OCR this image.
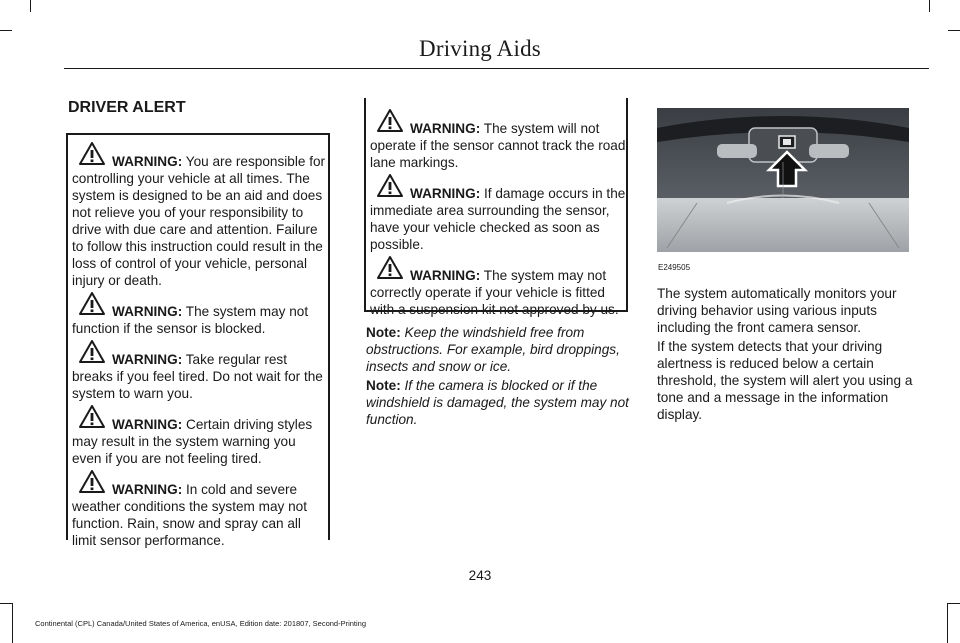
Driving Aids
DRIVER ALERT

WARNING: You are responsible for controlling your vehicle at all times. The system is designed to be an aid and does not relieve you of your responsibility to drive with due care and attention. Failure to follow this instruction could result in the loss of control of your vehicle, personal injury or death.

WARNING: The system may not function if the sensor is blocked.

WARNING: Take regular rest breaks if you feel tired. Do not wait for the system to warn you.

WARNING: Certain driving styles may result in the system warning you even if you are not feeling tired.

WARNING: In cold and severe weather conditions the system may not function. Rain, snow and spray can all limit sensor performance.

WARNING: The system will not operate if the sensor cannot track the road lane markings.

WARNING: If damage occurs in the immediate area surrounding the sensor, have your vehicle checked as soon as possible.

WARNING: The system may not correctly operate if your vehicle is fitted

Note: Keep the windshield free from obstructions. For example, bird droppings, insects and snow or ice.
Note: If the camera is blocked or if the windshield is damaged, the system may not function.
E249505
The system automatically monitors your driving behavior using various inputs including the front camera sensor.
If the system detects that your driving alertness is reduced below a certain threshold, the system will alert you using a tone and a message in the information display.
243
Continental (CPL) Canada/United States of America, enUSA, Edition date: 201807, Second-Printing
